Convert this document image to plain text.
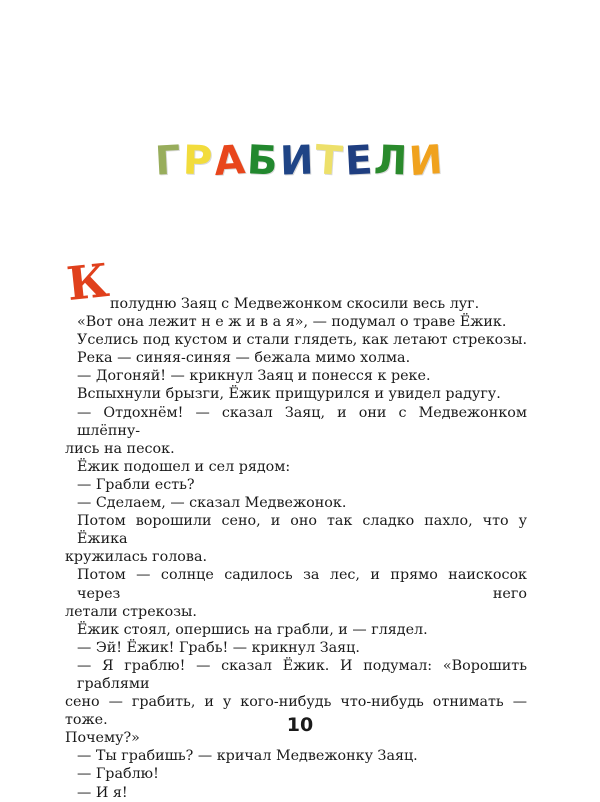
ГРАБИТЕЛИ
К
полудню Заяц с Медвежонком скосили весь луг.
«Вот она лежит н е ж и в а я», — подумал о траве Ёжик.
Уселись под кустом и стали глядеть, как летают стрекозы.
Река — синяя-синяя — бежала мимо холма.
— Догоняй! — крикнул Заяц и понесся к реке.
Вспыхнули брызги, Ёжик прищурился и увидел радугу.
— Отдохнём! — сказал Заяц, и они с Медвежонком шлёпну-
лись на песок.
Ёжик подошел и сел рядом:
— Грабли есть?
— Сделаем, — сказал Медвежонок.
Потом ворошили сено, и оно так сладко пахло, что у Ёжика
кружилась голова.
Потом — солнце садилось за лес, и прямо наискосок через него
летали стрекозы.
Ёжик стоял, опершись на грабли, и — глядел.
— Эй! Ёжик! Грабь! — крикнул Заяц.
— Я граблю! — сказал Ёжик. И подумал: «Ворошить граблями
сено — грабить, и у кого-нибудь что-нибудь отнимать — тоже.
Почему?»
— Ты грабишь? — кричал Медвежонку Заяц.
— Граблю!
— И я!
10
